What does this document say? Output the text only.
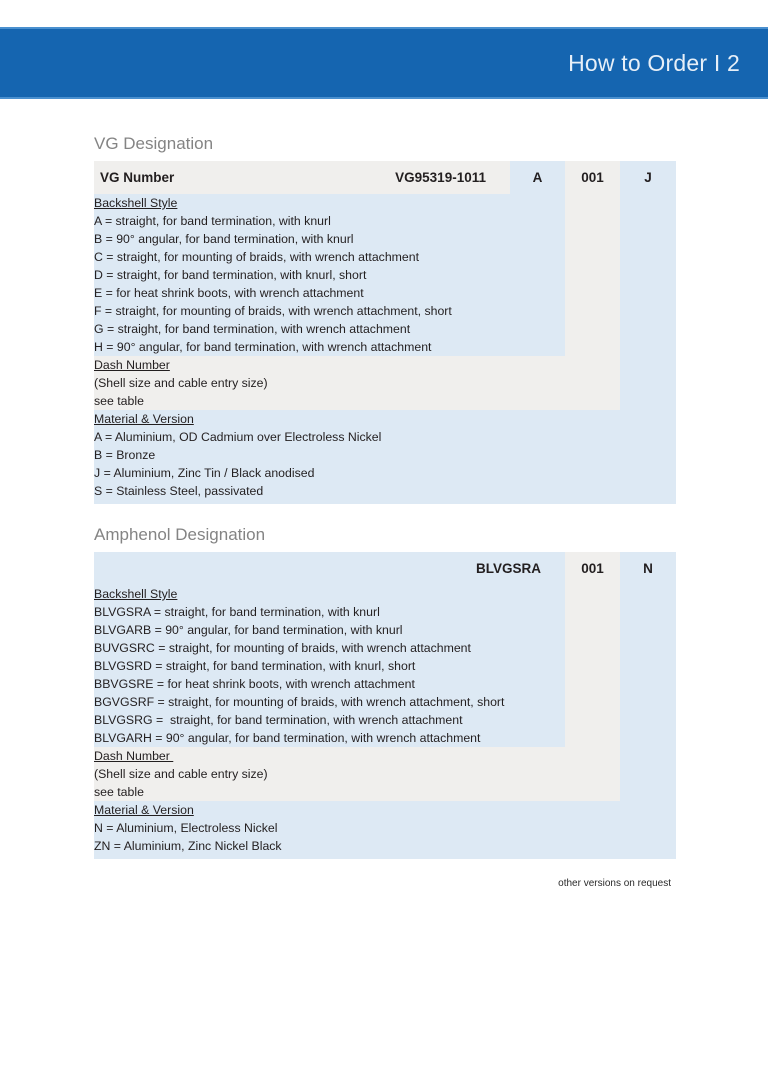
How to Order I 2
VG Designation
VG Number VG95319-1011	A	001	J

Backshell Style
A = straight, for band termination, with knurl
B = 90° angular, for band termination, with knurl
C = straight, for mounting of braids, with wrench attachment
D = straight, for band termination, with knurl, short
E = for heat shrink boots, with wrench attachment
F = straight, for mounting of braids, with wrench attachment, short
G = straight, for band termination, with wrench attachment
H = 90° angular, for band termination, with wrench attachment

Dash Number
(Shell size and cable entry size)
see table			

Material & Version
A = Aluminium, OD Cadmium over Electroless Nickel
B = Bronze
J = Aluminium, Zinc Tin / Black anodised
S = Stainless Steel, passivated			
Amphenol Designation
BLVGSRA	001	N

Backshell Style
BLVGSRA = straight, for band termination, with knurl
BLVGARB = 90° angular, for band termination, with knurl
BUVGSRC = straight, for mounting of braids, with wrench attachment
BLVGSRD = straight, for band termination, with knurl, short
BBVGSRE = for heat shrink boots, with wrench attachment
BGVGSRF = straight, for mounting of braids, with wrench attachment, short
BLVGSRG =  straight, for band termination, with wrench attachment
BLVGARH = 90° angular, for band termination, with wrench attachment

Dash Number
(Shell size and cable entry size)
see table		

Material & Version
N = Aluminium, Electroless Nickel
ZN = Aluminium, Zinc Nickel Black		
other versions on request
